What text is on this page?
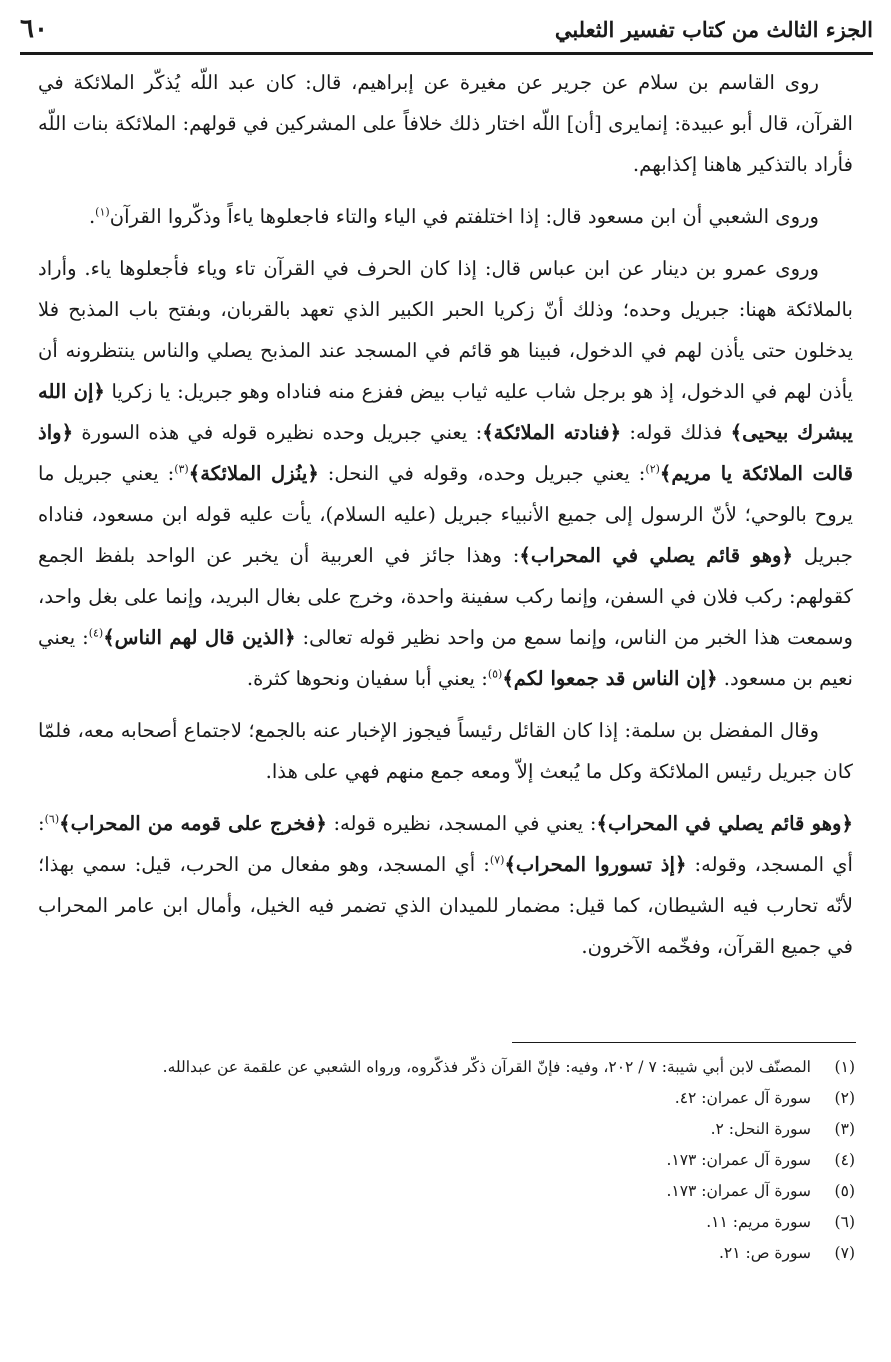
الجزء الثالث من كتاب تفسير الثعلبي
٦٠

روى القاسم بن سلام عن جرير عن مغيرة عن إبراهيم، قال: كان عبد اللّه يُذكّر الملائكة في القرآن، قال أبو عبيدة: إنمايرى [أن] اللّه اختار ذلك خلافاً على المشركين في قولهم: الملائكة بنات اللّه فأراد بالتذكير هاهنا إكذابهم.

وروى الشعبي أن ابن مسعود قال: إذا اختلفتم في الياء والتاء فاجعلوها ياءاً وذكّروا القرآن$^{(١)}$.

وروى عمرو بن دينار عن ابن عباس قال: إذا كان الحرف في القرآن تاء وياء فأجعلوها ياء. وأراد بالملائكة ههنا: جبريل وحده؛ وذلك أنّ زكريا الحبر الكبير الذي تعهد بالقربان، وبفتح باب المذبح فلا يدخلون حتى يأذن لهم في الدخول، فبينا هو قائم في المسجد عند المذبح يصلي والناس ينتظرونه أن يأذن لهم في الدخول، إذ هو برجل شاب عليه ثياب بيض ففزع منه فناداه وهو جبريل: يا زكريا ﴿إن الله يبشرك بيحيى﴾ فذلك قوله: ﴿فنادته الملائكة﴾: يعني جبريل وحده نظيره قوله في هذه السورة ﴿واذ قالت الملائكة يا مريم﴾$^{(٢)}$: يعني جبريل وحده، وقوله في النحل: ﴿ينُزل الملائكة﴾$^{(٣)}$: يعني جبريل ما يروح بالوحي؛ لأنّ الرسول إلى جميع الأنبياء جبريل (عليه السلام)، يأت عليه قوله ابن مسعود، فناداه جبريل ﴿وهو قائم يصلي في المحراب﴾: وهذا جائز في العربية أن يخبر عن الواحد بلفظ الجمع كقولهم: ركب فلان في السفن، وإنما ركب سفينة واحدة، وخرج على بغال البريد، وإنما على بغل واحد، وسمعت هذا الخبر من الناس، وإنما سمع من واحد نظير قوله تعالى: ﴿الذين قال لهم الناس﴾$^{(٤)}$: يعني نعيم بن مسعود. ﴿إن الناس قد جمعوا لكم﴾$^{(٥)}$: يعني أبا سفيان ونحوها كثرة.

وقال المفضل بن سلمة: إذا كان القائل رئيساً فيجوز الإخبار عنه بالجمع؛ لاجتماع أصحابه معه، فلمّا كان جبريل رئيس الملائكة وكل ما يُبعث إلاّ ومعه جمع منهم فهي على هذا.

﴿وهو قائم يصلي في المحراب﴾: يعني في المسجد، نظيره قوله: ﴿فخرج على قومه من المحراب﴾$^{(٦)}$: أي المسجد، وقوله: ﴿إذ تسوروا المحراب﴾$^{(٧)}$: أي المسجد، وهو مفعال من الحرب، قيل: سمي بهذا؛ لأنّه تحارب فيه الشيطان، كما قيل: مضمار للميدان الذي تضمر فيه الخيل، وأمال ابن عامر المحراب في جميع القرآن، وفخّمه الآخرون.

(١)
المصنّف لابن أبي شيبة: ٧ / ٢٠٢، وفيه: فإنّ القرآن ذكّر فذكّروه، ورواه الشعبي عن علقمة عن عبدالله.
(٢)
سورة آل عمران: ٤٢.
(٣)
سورة النحل: ٢.
(٤)
سورة آل عمران: ١٧٣.
(٥)
سورة آل عمران: ١٧٣.
(٦)
سورة مريم: ١١.
(٧)
سورة ص: ٢١.
